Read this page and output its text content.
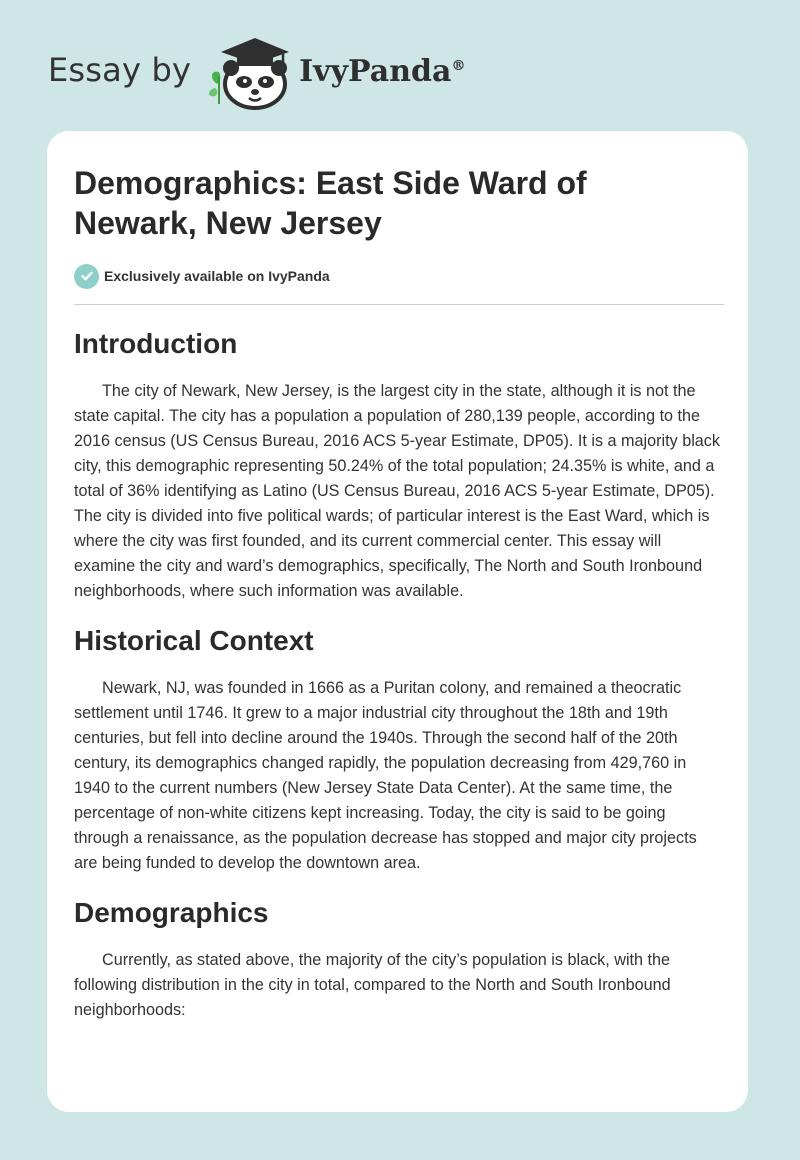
Essay by	IvyPanda®
Demographics: East Side Ward of Newark, New Jersey
Exclusively available on IvyPanda
Introduction

The city of Newark, New Jersey, is the largest city in the state, although it is not the state capital. The city has a population a population of 280,139 people, according to the 2016 census (US Census Bureau, 2016 ACS 5-year Estimate, DP05). It is a majority black city, this demographic representing 50.24% of the total population; 24.35% is white, and a total of 36% identifying as Latino (US Census Bureau, 2016 ACS 5-year Estimate, DP05). The city is divided into five political wards; of particular interest is the East Ward, which is where the city was first founded, and its current commercial center. This essay will examine the city and ward’s demographics, specifically, The North and South Ironbound neighborhoods, where such information was available.

Historical Context

Newark, NJ, was founded in 1666 as a Puritan colony, and remained a theocratic settlement until 1746. It grew to a major industrial city throughout the 18th and 19th centuries, but fell into decline around the 1940s. Through the second half of the 20th century, its demographics changed rapidly, the population decreasing from 429,760 in 1940 to the current numbers (New Jersey State Data Center). At the same time, the percentage of non-white citizens kept increasing. Today, the city is said to be going through a renaissance, as the population decrease has stopped and major city projects are being funded to develop the downtown area.

Demographics

Currently, as stated above, the majority of the city’s population is black, with the following distribution in the city in total, compared to the North and South Ironbound neighborhoods:
